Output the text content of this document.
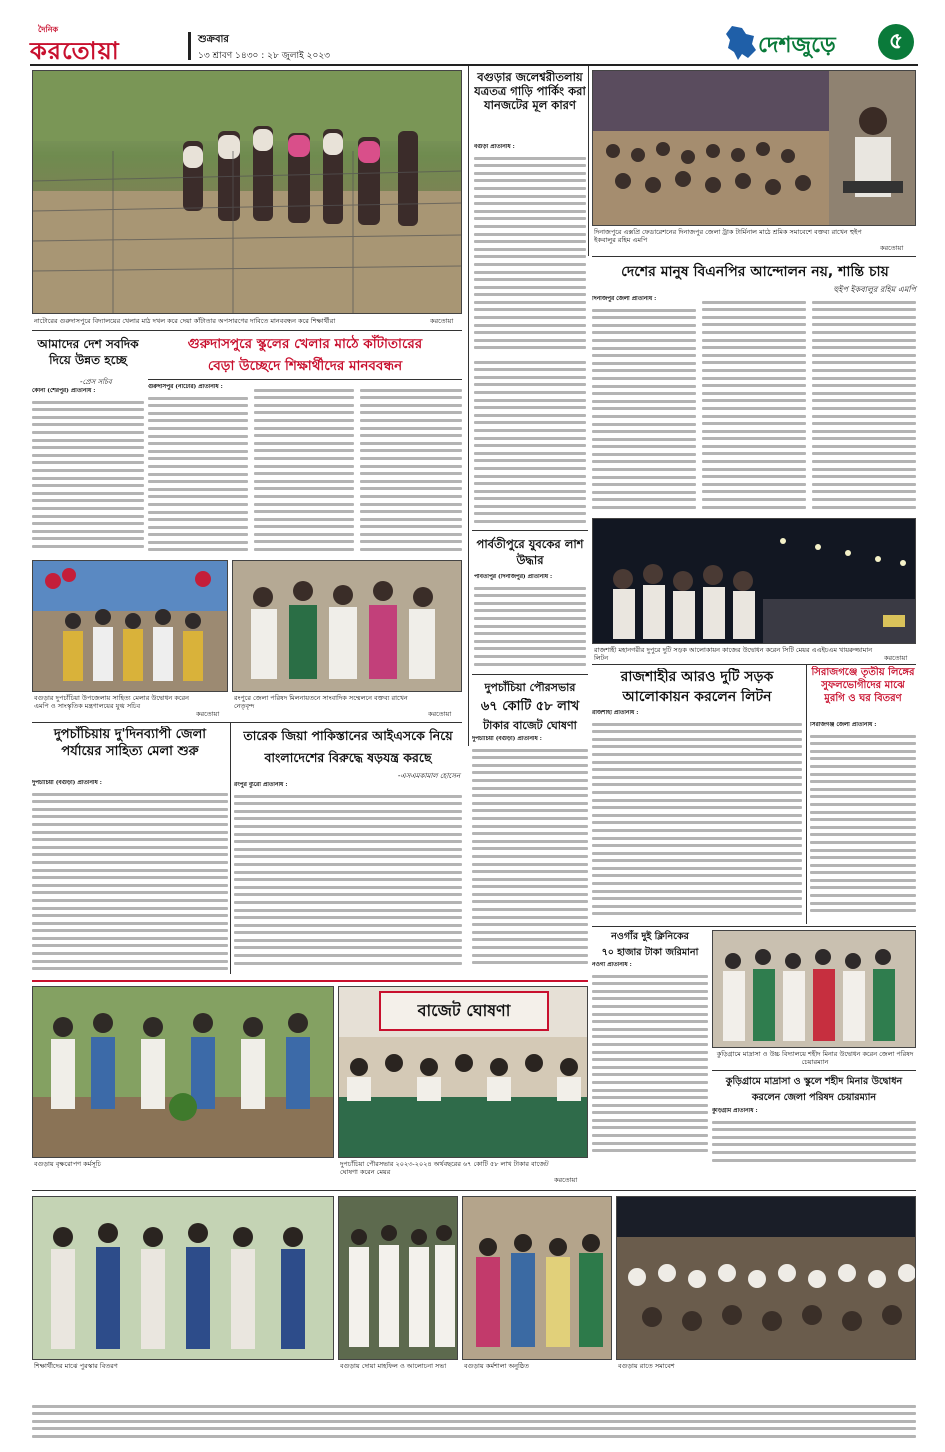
দৈনিক
করতোয়া	শুক্রবার
১৩ শ্রাবণ ১৪৩০ : ২৮ জুলাই ২০২৩	দেশজুড়ে	৫
নাটোরের গুরুদাসপুরে বিদ্যালয়ের খেলার মাঠ দখল করে দেয়া কাঁটাতার অপসারণের দাবিতে মানববন্ধন করে শিক্ষার্থীরা	করতোয়া
বগুড়ার জলেশ্বরীতলায় যত্রতত্র গাড়ি পার্কিং করা যানজটের মূল কারণ
বগুড়া প্রতিনিধি :
দিনাজপুরে এক্সপ্রি ফেডারেশনের দিনাজপুর জেলা ট্রাক টার্মিনাল মাঠে শ্রমিক সমাবেশে বক্তব্য রাখেন হুইপ ইকবালুর রহিম এমপি
করতোয়া
দেশের মানুষ বিএনপির আন্দোলন নয়, শান্তি চায়
হুইপ ইকবালুর রহিম এমপি
দিনাজপুর জেলা প্রতিনিধি :
আমাদের দেশ সবদিক দিয়ে উন্নত হচ্ছে
-প্রেস সচিব
কোনা (শেরপুর) প্রতিনিধি :
গুরুদাসপুরে স্কুলের খেলার মাঠে কাঁটাতারের
বেড়া উচ্ছেদে শিক্ষার্থীদের মানববন্ধন
গুরুদাসপুর (নাটোর) প্রতিনিধি :
পার্বতীপুরে যুবকের লাশ উদ্ধার
পার্বতীপুর (দিনাজপুর) প্রতিনিধি :
রাজশাহী মহানগরীর দুপুরে দুটি সড়ক আলোকায়ন কাজের উদ্বোধন করেন সিটি মেয়র এএইচএম খায়রুজ্জামান লিটন	করতোয়া
রাজশাহীর আরও দুটি সড়ক
আলোকায়ন করলেন লিটন
রাজশাহী প্রতিনিধি :
সিরাজগঞ্জে তৃতীয় লিঙ্গের সুফলভোগীদের মাঝে মুরগি ও ঘর বিতরণ
সিরাজগঞ্জ জেলা প্রতিনিধি :
বগুড়ার দুপচাঁচিয়া উপজেলায় সাহিত্য মেলার উদ্বোধন করেন এমপি ও সাংস্কৃতিক মন্ত্রণালয়ের যুগ্ম সচিব
করতোয়া
রংপুরে জেলা পরিষদ মিলনায়তনে সাংবাদিক সম্মেলনে বক্তব্য রাখেন নেতৃবৃন্দ
করতোয়া
দুপচাঁচিয়ায় দু'দিনব্যাপী জেলা পর্যায়ের সাহিত্য মেলা শুরু
দুপচাঁচিয়া (বগুড়া) প্রতিনিধি :
তারেক জিয়া পাকিস্তানের আইএসকে নিয়ে
বাংলাদেশের বিরুদ্ধে ষড়যন্ত্র করছে
-এসএমকামাল হোসেন
রংপুর ব্যুরো প্রতিনিধি :
দুপচাঁচিয়া পৌরসভার
৬৭ কোটি ৫৮ লাখ
টাকার বাজেট ঘোষণা
দুপচাঁচিয়া (বগুড়া) প্রতিনিধি :
নওগাঁর দুই ক্লিনিকের
৭০ হাজার টাকা জরিমানা
নওগাঁ প্রতিনিধি :
কুড়িগ্রামে মাদ্রাসা ও উচ্চ বিদ্যালয়ে শহীদ মিনার উদ্বোধন করেন জেলা পরিষদ চেয়ারম্যান
কুড়িগ্রামে মাদ্রাসা ও স্কুলে শহীদ মিনার উদ্বোধন
করলেন জেলা পরিষদ চেয়ারম্যান
কুড়িগ্রাম প্রতিনিধি :
বগুড়ায় বৃক্ষরোপণ কর্মসূচি
বাজেট ঘোষণা
দুপচাঁচিয়া পৌরসভার ২০২৩-২০২৪ অর্থবছরের ৬৭ কোটি ৫৮ লাখ টাকার বাজেট ঘোষণা করেন মেয়র
করতোয়া
শিক্ষার্থীদের মাঝে পুরস্কার বিতরণ	বগুড়ায় দোয়া মাহফিল ও আলোচনা সভা	বগুড়ায় কর্মশালা অনুষ্ঠিত	বগুড়ায় রাতে সমাবেশ
